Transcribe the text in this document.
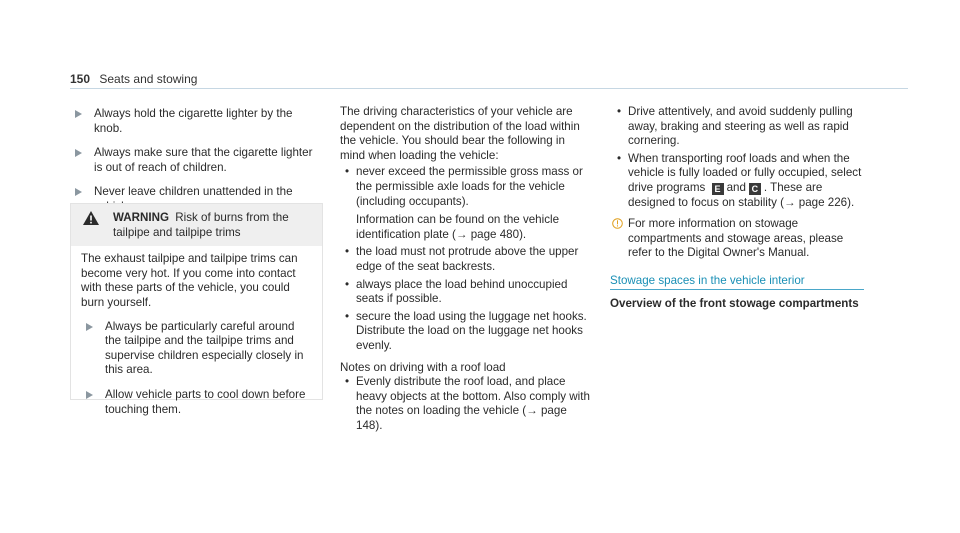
150 Seats and stowing

Always hold the cigarette lighter by the knob.

Always make sure that the cigarette lighter is out of reach of children.

Never leave children unattended in the

WARNING Risk of burns from the tailpipe and tailpipe trims

The exhaust tailpipe and tailpipe trims can become very hot. If you come into contact with these parts of the vehicle, you could burn yourself.

Always be particularly careful around the tailpipe and the tailpipe trims and supervise children especially closely in this area.

Allow vehicle parts to cool down before touching them.

The driving characteristics of your vehicle are dependent on the distribution of the load within the vehicle. You should bear the following in mind when loading the vehicle:

• never exceed the permissible gross mass or the permissible axle loads for the vehicle (including occupants).

Information can be found on the vehicle identification plate (→ page 480).

• the load must not protrude above the upper edge of the seat backrests.

• always place the load behind unoccupied seats if possible.

• secure the load using the luggage net hooks. Distribute the load on the luggage net hooks evenly.

Notes on driving with a roof load

• Evenly distribute the roof load, and place heavy objects at the bottom. Also comply with the notes on loading the vehicle (→ page 148).

• Drive attentively, and avoid suddenly pulling away, braking and steering as well as rapid cornering.

• When transporting roof loads and when the vehicle is fully loaded or fully occupied, select drive programs E and C . These are designed to focus on stability (→ page 226).

For more information on stowage compartments and stowage areas, please refer to the Digital Owner's Manual.

Stowage spaces in the vehicle interior
Overview of the front stowage compartments
